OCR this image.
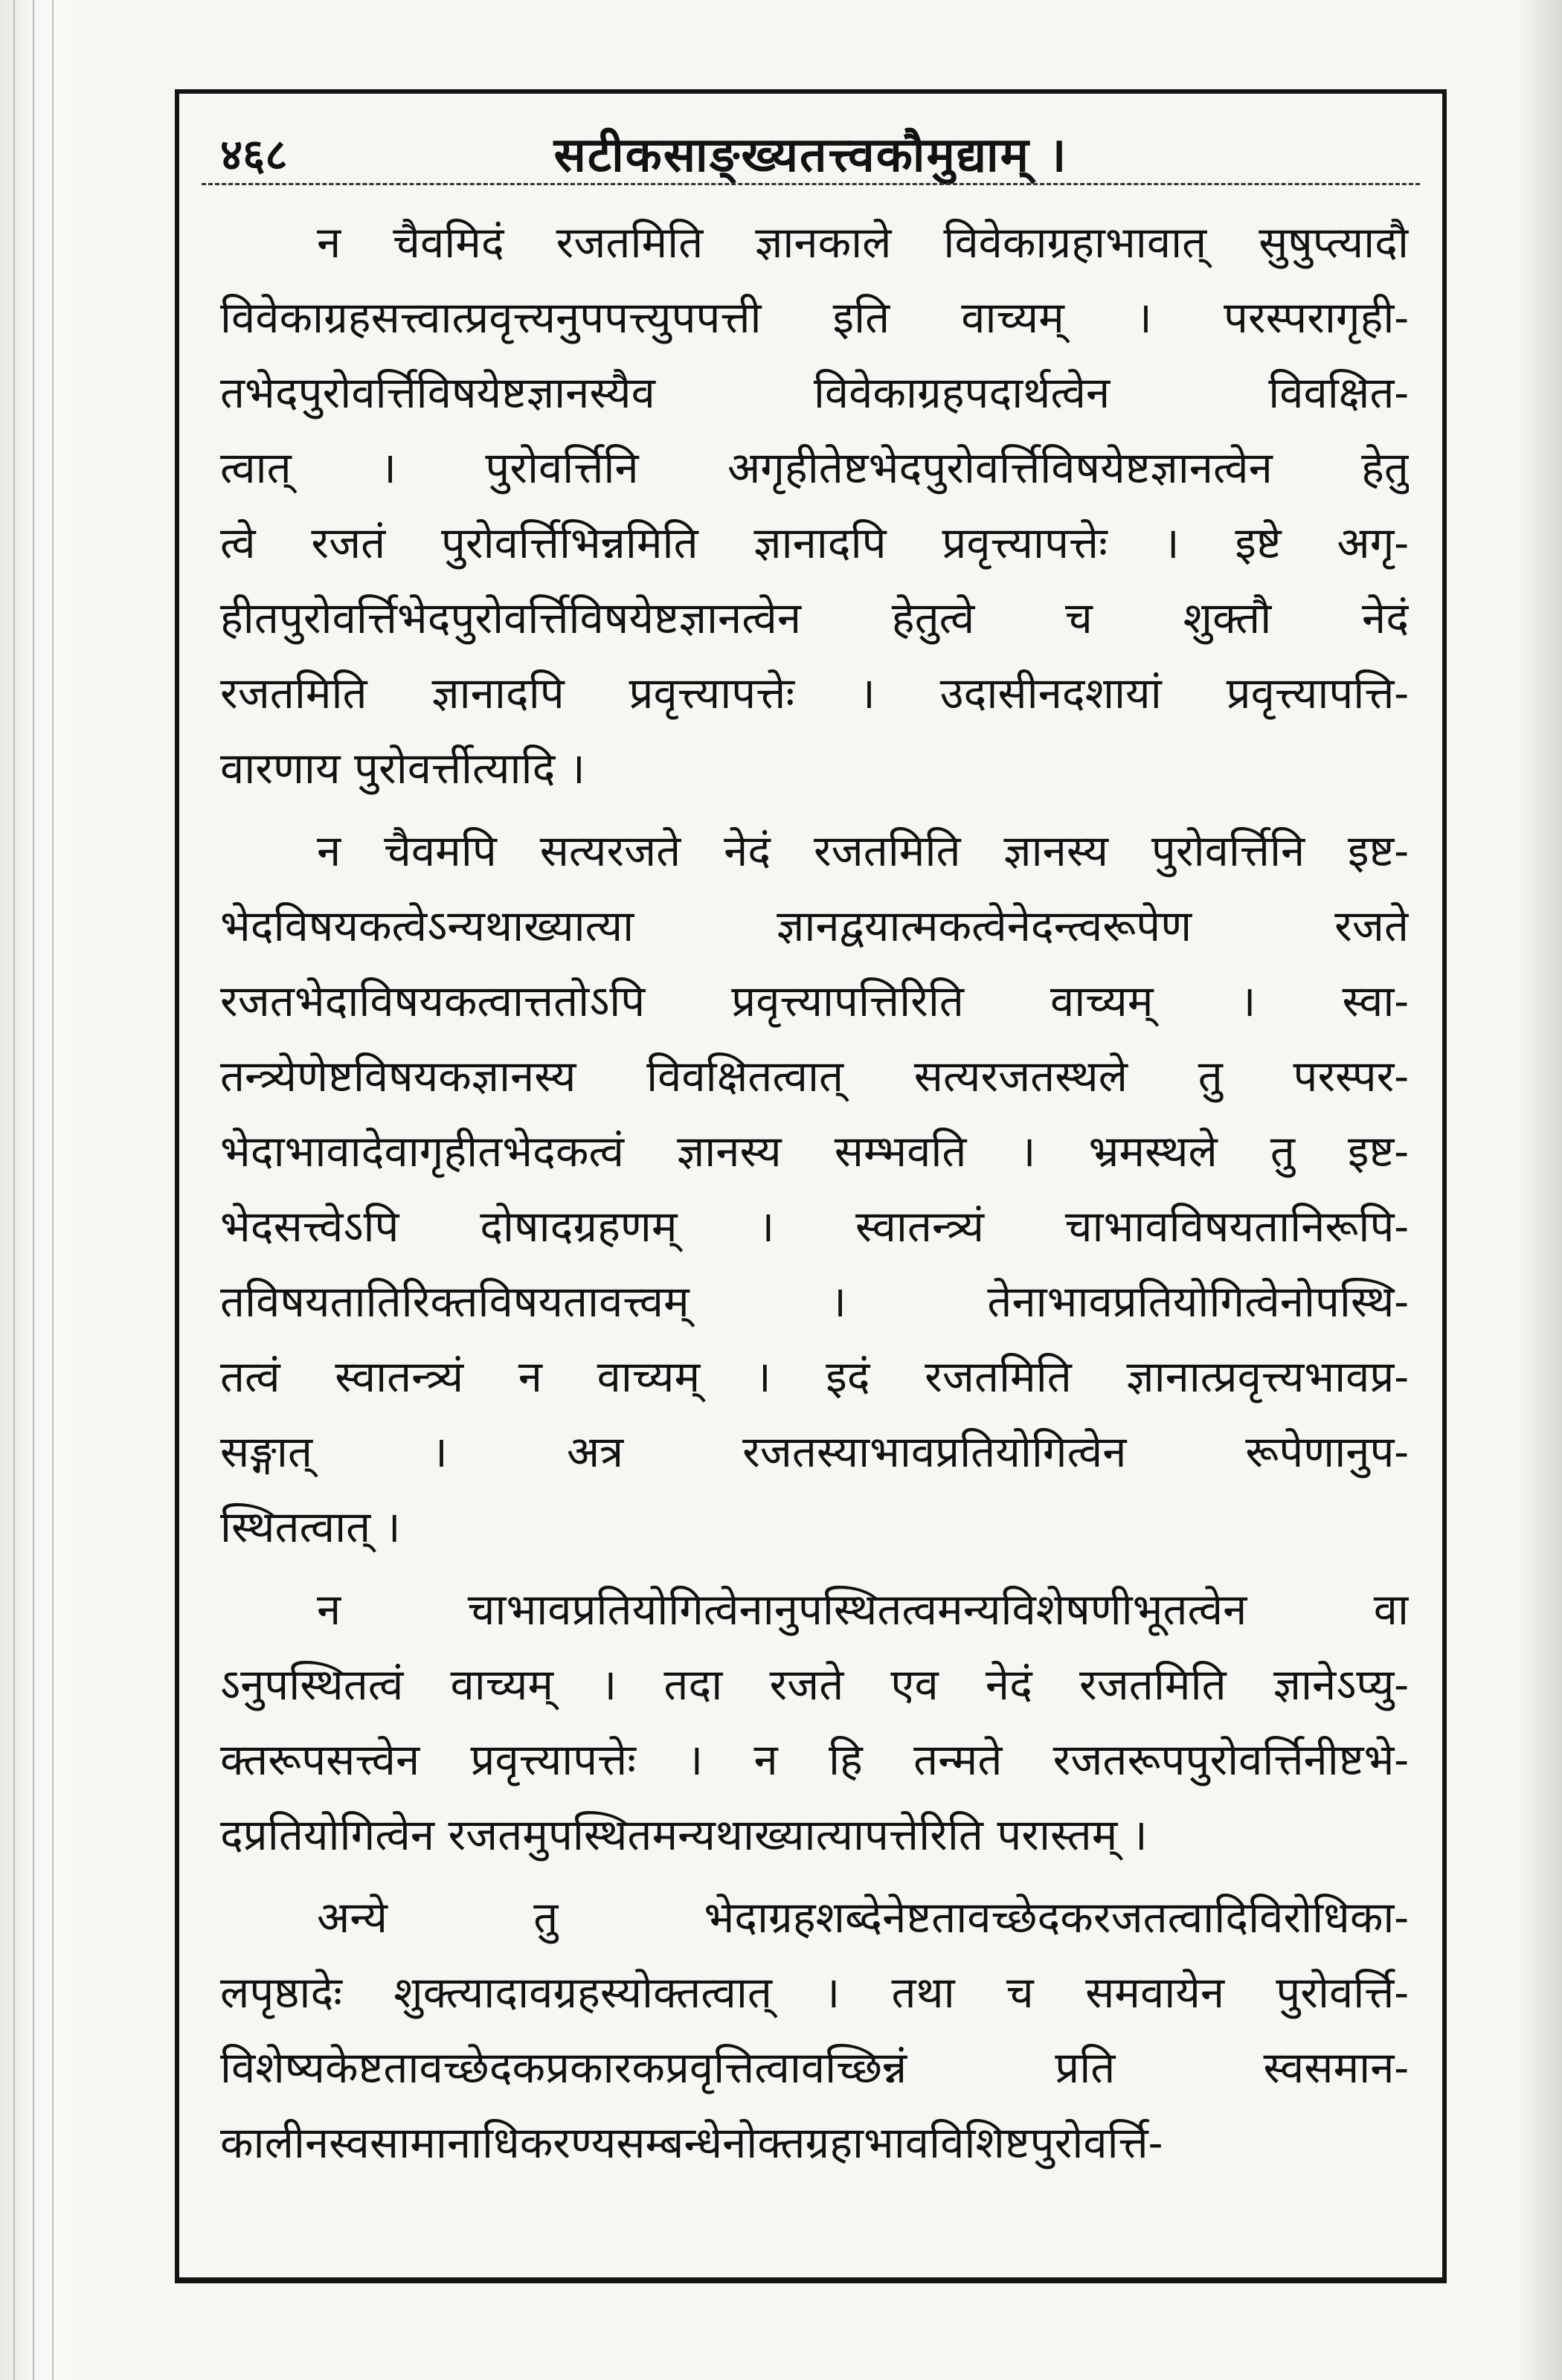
४६८	सटीकसाङ्ख्यतत्त्वकौमुद्याम् ।
न चैवमिदं रजतमिति ज्ञानकाले विवेकाग्रहाभावात् सुषुप्त्यादौ
विवेकाग्रहसत्त्वात्प्रवृत्त्यनुपपत्त्युपपत्ती इति वाच्यम् । परस्परागृही-
तभेदपुरोवर्त्तिविषयेष्टज्ञानस्यैव विवेकाग्रहपदार्थत्वेन विवक्षित-
त्वात् । पुरोवर्त्तिनि अगृहीतेष्टभेदपुरोवर्त्तिविषयेष्टज्ञानत्वेन हेतु
त्वे रजतं पुरोवर्त्तिभिन्नमिति ज्ञानादपि प्रवृत्त्यापत्तेः । इष्टे अगृ-
हीतपुरोवर्त्तिभेदपुरोवर्त्तिविषयेष्टज्ञानत्वेन हेतुत्वे च शुक्तौ नेदं
रजतमिति ज्ञानादपि प्रवृत्त्यापत्तेः । उदासीनदशायां प्रवृत्त्यापत्ति-
वारणाय पुरोवर्त्तीत्यादि ।
न चैवमपि सत्यरजते नेदं रजतमिति ज्ञानस्य पुरोवर्त्तिनि इष्ट-
भेदविषयकत्वेऽन्यथाख्यात्या ज्ञानद्वयात्मकत्वेनेदन्त्वरूपेण रजते
रजतभेदाविषयकत्वात्ततोऽपि प्रवृत्त्यापत्तिरिति वाच्यम् । स्वा-
तन्त्र्येणेष्टविषयकज्ञानस्य विवक्षितत्वात् सत्यरजतस्थले तु परस्पर-
भेदाभावादेवागृहीतभेदकत्वं ज्ञानस्य सम्भवति । भ्रमस्थले तु इष्ट-
भेदसत्त्वेऽपि दोषादग्रहणम् । स्वातन्त्र्यं चाभावविषयतानिरूपि-
तविषयतातिरिक्तविषयतावत्त्वम् । तेनाभावप्रतियोगित्वेनोपस्थि-
तत्वं स्वातन्त्र्यं न वाच्यम् । इदं रजतमिति ज्ञानात्प्रवृत्त्यभावप्र-
सङ्गात् । अत्र रजतस्याभावप्रतियोगित्वेन रूपेणानुप-
स्थितत्वात् ।
न चाभावप्रतियोगित्वेनानुपस्थितत्वमन्यविशेषणीभूतत्वेन वा
ऽनुपस्थितत्वं वाच्यम् । तदा रजते एव नेदं रजतमिति ज्ञानेऽप्यु-
क्तरूपसत्त्वेन प्रवृत्त्यापत्तेः । न हि तन्मते रजतरूपपुरोवर्त्तिनीष्टभे-
दप्रतियोगित्वेन रजतमुपस्थितमन्यथाख्यात्यापत्तेरिति परास्तम् ।
अन्ये तु भेदाग्रहशब्देनेष्टतावच्छेदकरजतत्वादिविरोधिका-
लपृष्ठादेः शुक्त्यादावग्रहस्योक्तत्वात् । तथा च समवायेन पुरोवर्त्ति-
विशेष्यकेष्टतावच्छेदकप्रकारकप्रवृत्तित्वावच्छिन्नं प्रति स्वसमान-
कालीनस्वसामानाधिकरण्यसम्बन्धेनोक्तग्रहाभावविशिष्टपुरोवर्त्ति-
